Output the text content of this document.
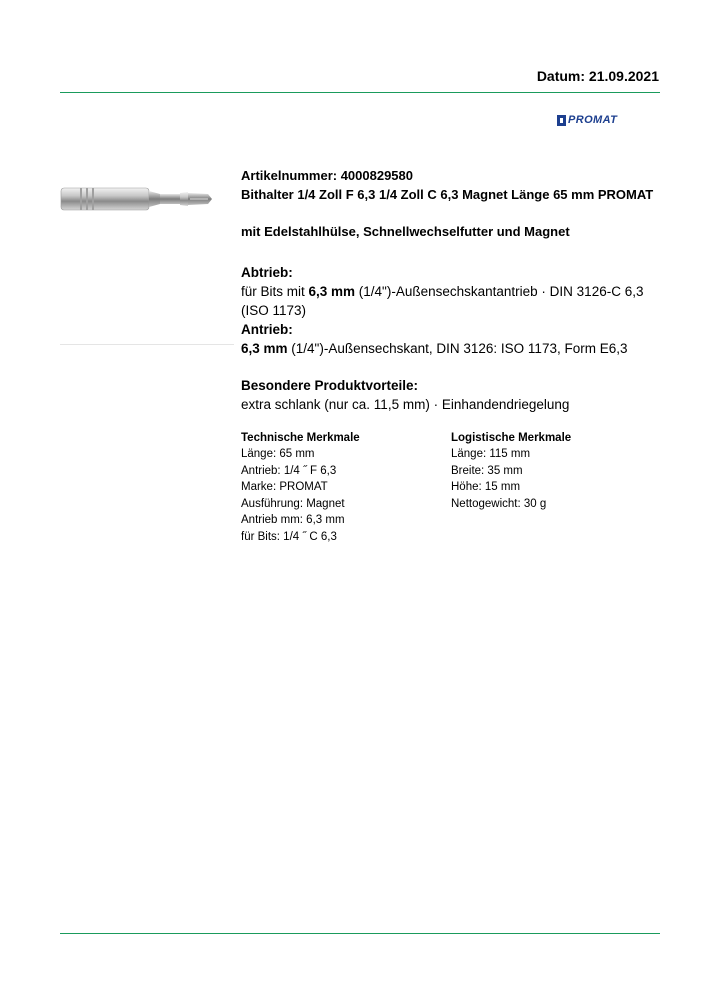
Datum: 21.09.2021
PROMAT
Artikelnummer: 4000829580
Bithalter 1/4 Zoll F 6,3 1/4 Zoll C 6,3 Magnet Länge 65 mm PROMAT
mit Edelstahlhülse, Schnellwechselfutter und Magnet
Abtrieb:
für Bits mit 6,3 mm (1/4")-Außensechskantantrieb · DIN 3126-C 6,3 (ISO 1173)
Antrieb:
6,3 mm (1/4")-Außensechskant, DIN 3126: ISO 1173, Form E6,3
Besondere Produktvorteile:
extra schlank (nur ca. 11,5 mm) · Einhandendriegelung
Technische Merkmale
Länge: 65 mm
Antrieb: 1/4 ˝ F 6,3
Marke: PROMAT
Ausführung: Magnet
Antrieb mm: 6,3 mm
für Bits: 1/4 ˝ C 6,3
Logistische Merkmale
Länge: 115 mm
Breite: 35 mm
Höhe: 15 mm
Nettogewicht: 30 g
